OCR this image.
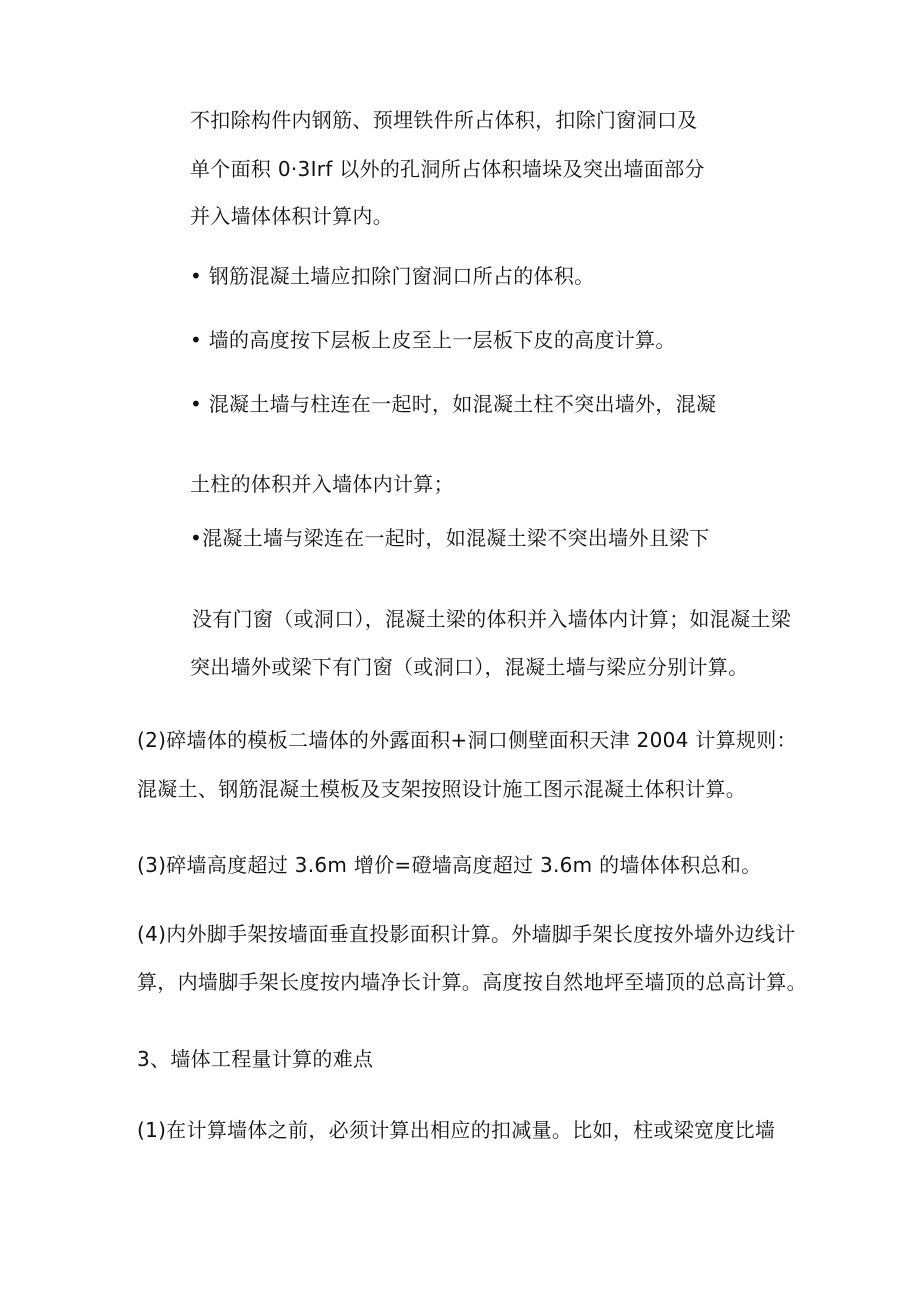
不扣除构件内钢筋、预埋铁件所占体积，扣除门窗洞口及
单个面积 0·3Irf 以外的孔洞所占体积墙垛及突出墙面部分
并入墙体体积计算内。
• 钢筋混凝土墙应扣除门窗洞口所占的体积。
• 墙的高度按下层板上皮至上一层板下皮的高度计算。
• 混凝土墙与柱连在一起时，如混凝土柱不突出墙外，混凝
土柱的体积并入墙体内计算；
•混凝土墙与梁连在一起时，如混凝土梁不突出墙外且梁下
没有门窗（或洞口），混凝土梁的体积并入墙体内计算；如混凝土梁
突出墙外或梁下有门窗（或洞口），混凝土墙与梁应分别计算。
(2)碎墙体的模板二墙体的外露面积+洞口侧壁面积天津 2004 计算规则：
混凝土、钢筋混凝土模板及支架按照设计施工图示混凝土体积计算。
(3)碎墙高度超过 3.6m 增价=磴墙高度超过 3.6m 的墙体体积总和。
(4)内外脚手架按墙面垂直投影面积计算。外墙脚手架长度按外墙外边线计
算，内墙脚手架长度按内墙净长计算。高度按自然地坪至墙顶的总高计算。
3、墙体工程量计算的难点
(1)在计算墙体之前，必须计算出相应的扣减量。比如，柱或梁宽度比墙
